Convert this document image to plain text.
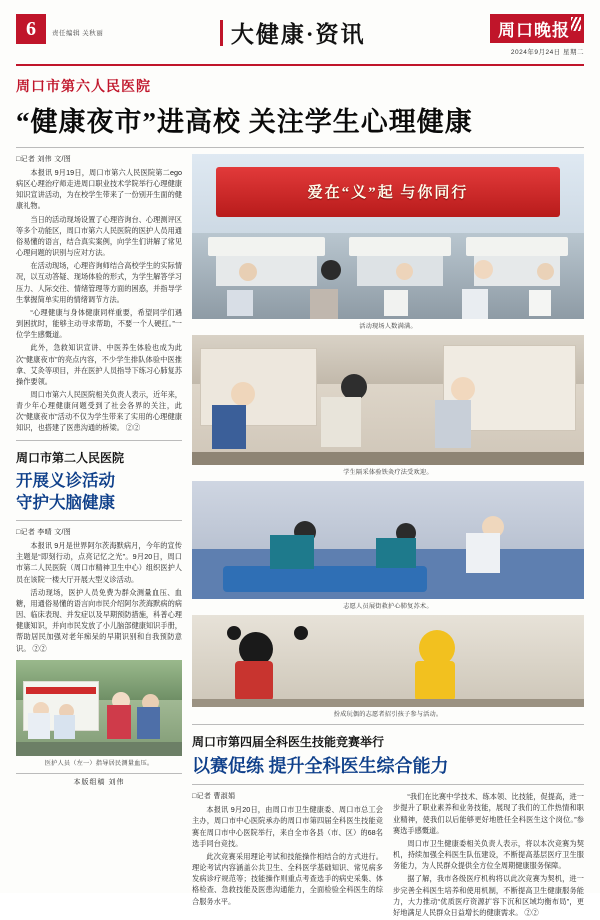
6	责任编辑 关秋丽	大健康·资讯	周口晚报
2024年9月24日 星期二
周口市第六人民医院
“健康夜市”进高校 关注学生心理健康
□记者 刘伟 文/图

本报讯 9月19日，周口市第六人民医院第二ego病区心理治疗师走进周口职业技术学院举行心理健康知识宣讲活动，为在校学生带来了一份别开生面的健康礼物。

当日的活动现场设置了心理咨询台、心理测评区等多个功能区，周口市第六人民医院的医护人员用通俗易懂的语言，结合真实案例，向学生们讲解了常见心理问题的识别与应对方法。

在活动现场，心理咨询师结合高校学生的实际情况，以互动答疑、现场体验的形式，为学生解答学习压力、人际交往、情绪管理等方面的困惑，并指导学生掌握简单实用的情绪调节方法。

“心理健康与身体健康同样重要，希望同学们遇到困扰时，能够主动寻求帮助，不要一个人硬扛。”一位学生感慨道。

此外，急救知识宣讲、中医养生体验也成为此次“健康夜市”的亮点内容，不少学生排队体验中医推拿、艾灸等项目，并在医护人员指导下练习心肺复苏操作要领。

周口市第六人民医院相关负责人表示，近年来，青少年心理健康问题受到了社会各界的关注，此次“健康夜市”活动不仅为学生带来了实用的心理健康知识，也搭建了医患沟通的桥梁。 ②②

周口市第二人民医院
开展义诊活动
守护大脑健康
□记者 李晴 文/图

本报讯 9月是世界阿尔茨海默病月，今年的宣传主题是“即刻行动，点亮记忆之光”。9月20日，周口市第二人民医院（周口市精神卫生中心）组织医护人员在该院一楼大厅开展大型义诊活动。

活动现场，医护人员免费为群众测量血压、血糖，用通俗易懂的语言向市民介绍阿尔茨海默病的病因、临床表现、并发症以及早期预防措施，科普心理健康知识，并向市民发放了小儿脑部健康知识手册，帮助居民加强对老年痴呆的早期识别和自我预防意识。 ②②

医护人员（左一）指导居民测量血压。
本版组稿 刘伟
爱在“义”起 与你同行
活动现场人数满满。
学生隔采体验铁灸疗法受欢迎。
志愿人员展街救护心肺复苏术。
扮成玩偶的志愿者招引孩子参与活动。
周口市第四届全科医生技能竞赛举行
以赛促练 提升全科医生综合能力
□记者 曹淑娟

本报讯 9月20日，由周口市卫生健康委、周口市总工会主办，周口市中心医院承办的周口市第四届全科医生技能竞赛在周口市中心医院举行，来自全市各县（市、区）的68名选手同台竞技。

此次竞赛采用理论考试和技能操作相结合的方式进行。理论考试内容涵盖公共卫生、全科医学基础知识、常见病多发病诊疗规范等；技能操作则重点考查选手的病史采集、体格检查、急救技能及医患沟通能力，全面检验全科医生的综合服务水平。

“我们在比赛中学技术、练本领、比技能，促提高，进一步提升了职业素养和业务技能，展现了我们的工作热情和职业精神，使我们以后能够更好地胜任全科医生这个岗位。”参赛选手感慨道。

周口市卫生健康委相关负责人表示，将以本次竞赛为契机，持续加强全科医生队伍建设，不断提高基层医疗卫生服务能力，为人民群众提供全方位全周期健康服务保障。

据了解，我市各级医疗机构将以此次竞赛为契机，进一步完善全科医生培养和使用机制，不断提高卫生健康服务能力，大力推动“优质医疗资源扩容下沉和区域均衡布局”，更好地满足人民群众日益增长的健康需求。 ②②
